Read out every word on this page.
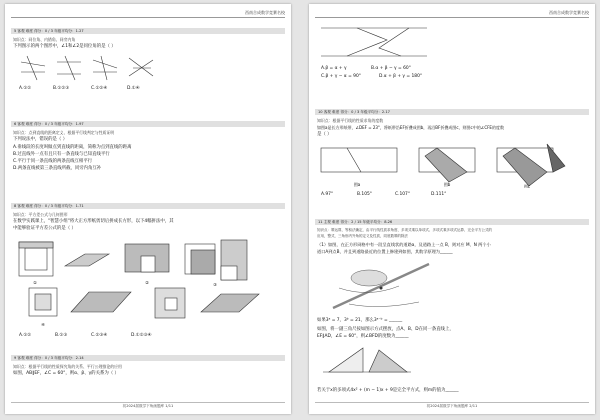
西南合成数学竞赛名校
5 客观 难度 得分：0 / 3 年级平均分：1.27
知识点：同位角、内错角、同旁内角
下列图示的两个图形中，∠1和∠2是同位角的是（ ）
A.①②	B.①②③	C.①②④	D.①④
6 客观 难度 得分：0 / 3 年级平均分：1.97
知识点：点到直线的距离定义、根据平行线判定与性质证明
下列说法中，错误的是（ ）
A.垂线段的长度叫做点到直线的距离，简称为点到直线的距离
B.过直线外一点有且只有一条直线与已知直线平行
C.平行于同一条直线的两条直线互相平行
D.两条直线被第三条直线所截，同旁内角互补
8 客观 难度 得分：0 / 3 年级平均分：1.71
知识点：平方差公式与几何图形
在数学实践课上，"智慧小组"将大正方形纸剪切后拼成长方形，以下4幅拼法中，其
中能够验证平方差公式的是（ ）
①	②	③
④
A.①②	B.①③	C.②③④	D.①②③④
9 客观 难度 得分：0 / 3 年级平均分：2.14
知识点：根据平行线的性质探究角的关系、平行公理推论的应用
如图，AB∥EF，∠C = 60°，则α、β、γ的关系为（ ）
初2024届数学下角画题库 1/11
西南合成数学竞赛名校
A.β = α + γ	B.α + β − γ = 60°
C.β + γ − α = 90°	D.α + β + γ = 180°
10 客观 难度 得分：0 / 3 年级平均分：2.17
知识点：根据平行线的性质求角的度数
如图a是长方形纸带，∠DEF = 23°，将纸带沿EF折叠成图b，再沿BF折叠成图c，则图c中的∠CFE的度数
是（ ）
图a	图b	图c
A.97°	B.105°	C.107°	D.111°
11 主观 难度 得分：2 / 15 年级平均分：8.26
知识点：幂运算，等积法确定，由平行线性质求角度、多项式乘以单项式、多项式乘多项式运算、完全平方公式的
应用，整式，三角形内外角的定义及性质，同底数幂的除法
（1）如图，在正方形网格中有一段呈直线状的道路a，及道路上一点 B，则对应 M、N 两个小
道口A到点B，并且到道路最近的位置上修建到如图，其数学原理为______
如果3ᵃ = 7，3ᵇ = 21，那么3ᵃ⁻ᵇ = ______
如图，将一副三角尺按如图示方式摆放，点A、B、D在同一条直线上，
EF∥AD，∠E = 60°，则∠BFD的度数为______
若关于x的多项式4x² + (m − 1)x + 9是完全平方式，则m的值为______
初2024届数学下角画题库 2/11
